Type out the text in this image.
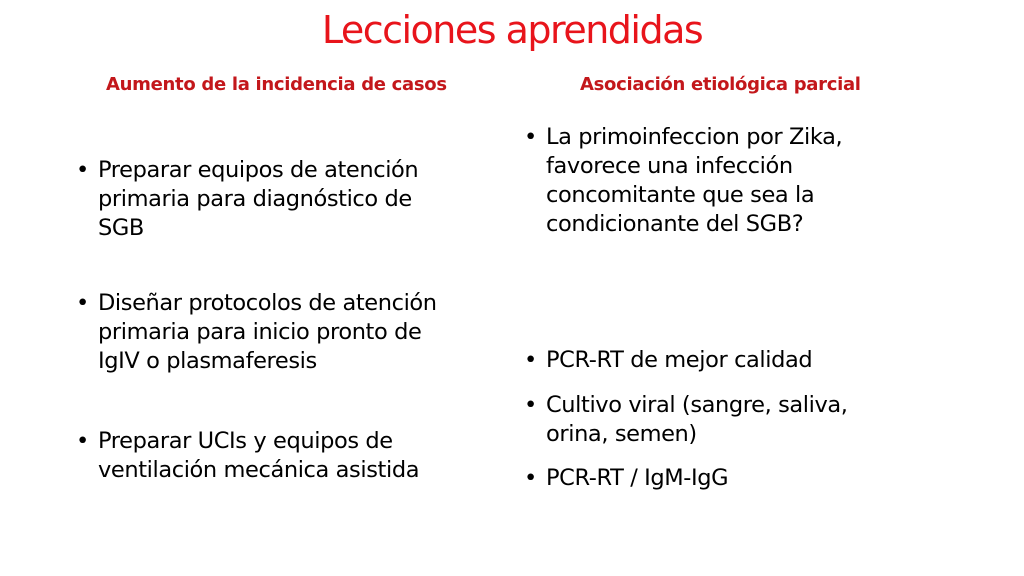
Lecciones aprendidas
Aumento de la incidencia de casos	Asociación etiológica parcial
• Preparar equipos de atención
primaria para diagnóstico de
SGB
• Diseñar protocolos de atención
primaria para inicio pronto de
IgIV o plasmaferesis
• Preparar UCIs y equipos de
ventilación mecánica asistida
• La primoinfeccion por Zika,
favorece una infección
concomitante que sea la
condicionante del SGB?
• PCR-RT de mejor calidad
• Cultivo viral (sangre, saliva,
orina, semen)
• PCR-RT / IgM-IgG
